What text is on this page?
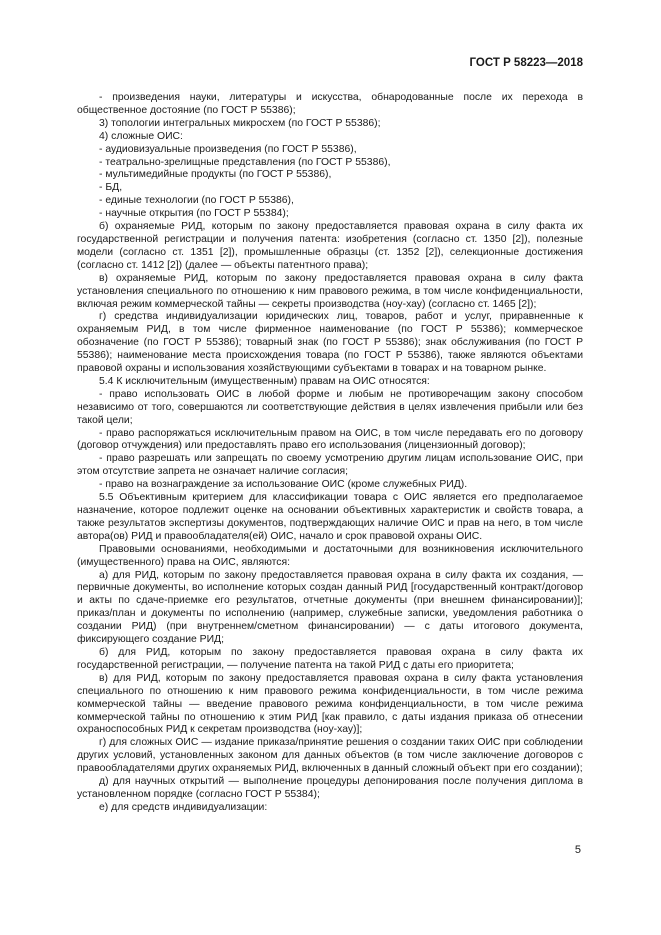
ГОСТ Р 58223—2018

- произведения науки, литературы и искусства, обнародованные после их перехода в общественное достояние (по ГОСТ Р 55386);

3) топологии интегральных микросхем (по ГОСТ Р 55386);

4) сложные ОИС:

- аудиовизуальные произведения (по ГОСТ Р 55386),

- театрально-зрелищные представления (по ГОСТ Р 55386),

- мультимедийные продукты (по ГОСТ Р 55386),

- БД,

- единые технологии (по ГОСТ Р 55386),

- научные открытия (по ГОСТ Р 55384);

б) охраняемые РИД, которым по закону предоставляется правовая охрана в силу факта их государственной регистрации и получения патента: изобретения (согласно ст. 1350 [2]), полезные модели (согласно ст. 1351 [2]), промышленные образцы (ст. 1352 [2]), селекционные достижения (согласно ст. 1412 [2]) (далее — объекты патентного права);

в) охраняемые РИД, которым по закону предоставляется правовая охрана в силу факта установления специального по отношению к ним правового режима, в том числе конфиденциальности, включая режим коммерческой тайны — секреты производства (ноу-хау) (согласно ст. 1465 [2]);

г) средства индивидуализации юридических лиц, товаров, работ и услуг, приравненные к охраняемым РИД, в том числе фирменное наименование (по ГОСТ Р 55386); коммерческое обозначение (по ГОСТ Р 55386); товарный знак (по ГОСТ Р 55386); знак обслуживания (по ГОСТ Р 55386); наименование места происхождения товара (по ГОСТ Р 55386), также являются объектами правовой охраны и использования хозяйствующими субъектами в товарах и на товарном рынке.

5.4 К исключительным (имущественным) правам на ОИС относятся:

- право использовать ОИС в любой форме и любым не противоречащим закону способом независимо от того, совершаются ли соответствующие действия в целях извлечения прибыли или без такой цели;

- право распоряжаться исключительным правом на ОИС, в том числе передавать его по договору (договор отчуждения) или предоставлять право его использования (лицензионный договор);

- право разрешать или запрещать по своему усмотрению другим лицам использование ОИС, при этом отсутствие запрета не означает наличие согласия;

- право на вознаграждение за использование ОИС (кроме служебных РИД).

5.5 Объективным критерием для классификации товара с ОИС является его предполагаемое назначение, которое подлежит оценке на основании объективных характеристик и свойств товара, а также результатов экспертизы документов, подтверждающих наличие ОИС и прав на него, в том числе автора(ов) РИД и правообладателя(ей) ОИС, начало и срок правовой охраны ОИС.

Правовыми основаниями, необходимыми и достаточными для возникновения исключительного (имущественного) права на ОИС, являются:

а) для РИД, которым по закону предоставляется правовая охрана в силу факта их создания, — первичные документы, во исполнение которых создан данный РИД [государственный контракт/договор и акты по сдаче-приемке его результатов, отчетные документы (при внешнем финансировании)]; приказ/план и документы по исполнению (например, служебные записки, уведомления работника о создании РИД) (при внутреннем/сметном финансировании) — с даты итогового документа, фиксирующего создание РИД;

б) для РИД, которым по закону предоставляется правовая охрана в силу факта их государственной регистрации, — получение патента на такой РИД с даты его приоритета;

в) для РИД, которым по закону предоставляется правовая охрана в силу факта установления специального по отношению к ним правового режима конфиденциальности, в том числе режима коммерческой тайны — введение правового режима конфиденциальности, в том числе режима коммерческой тайны по отношению к этим РИД [как правило, с даты издания приказа об отнесении охраноспособных РИД к секретам производства (ноу-хау)];

г) для сложных ОИС — издание приказа/принятие решения о создании таких ОИС при соблюдении других условий, установленных законом для данных объектов (в том числе заключение договоров с правообладателями других охраняемых РИД, включенных в данный сложный объект при его создании);

д) для научных открытий — выполнение процедуры депонирования после получения диплома в установленном порядке (согласно ГОСТ Р 55384);

е) для средств индивидуализации:

5
